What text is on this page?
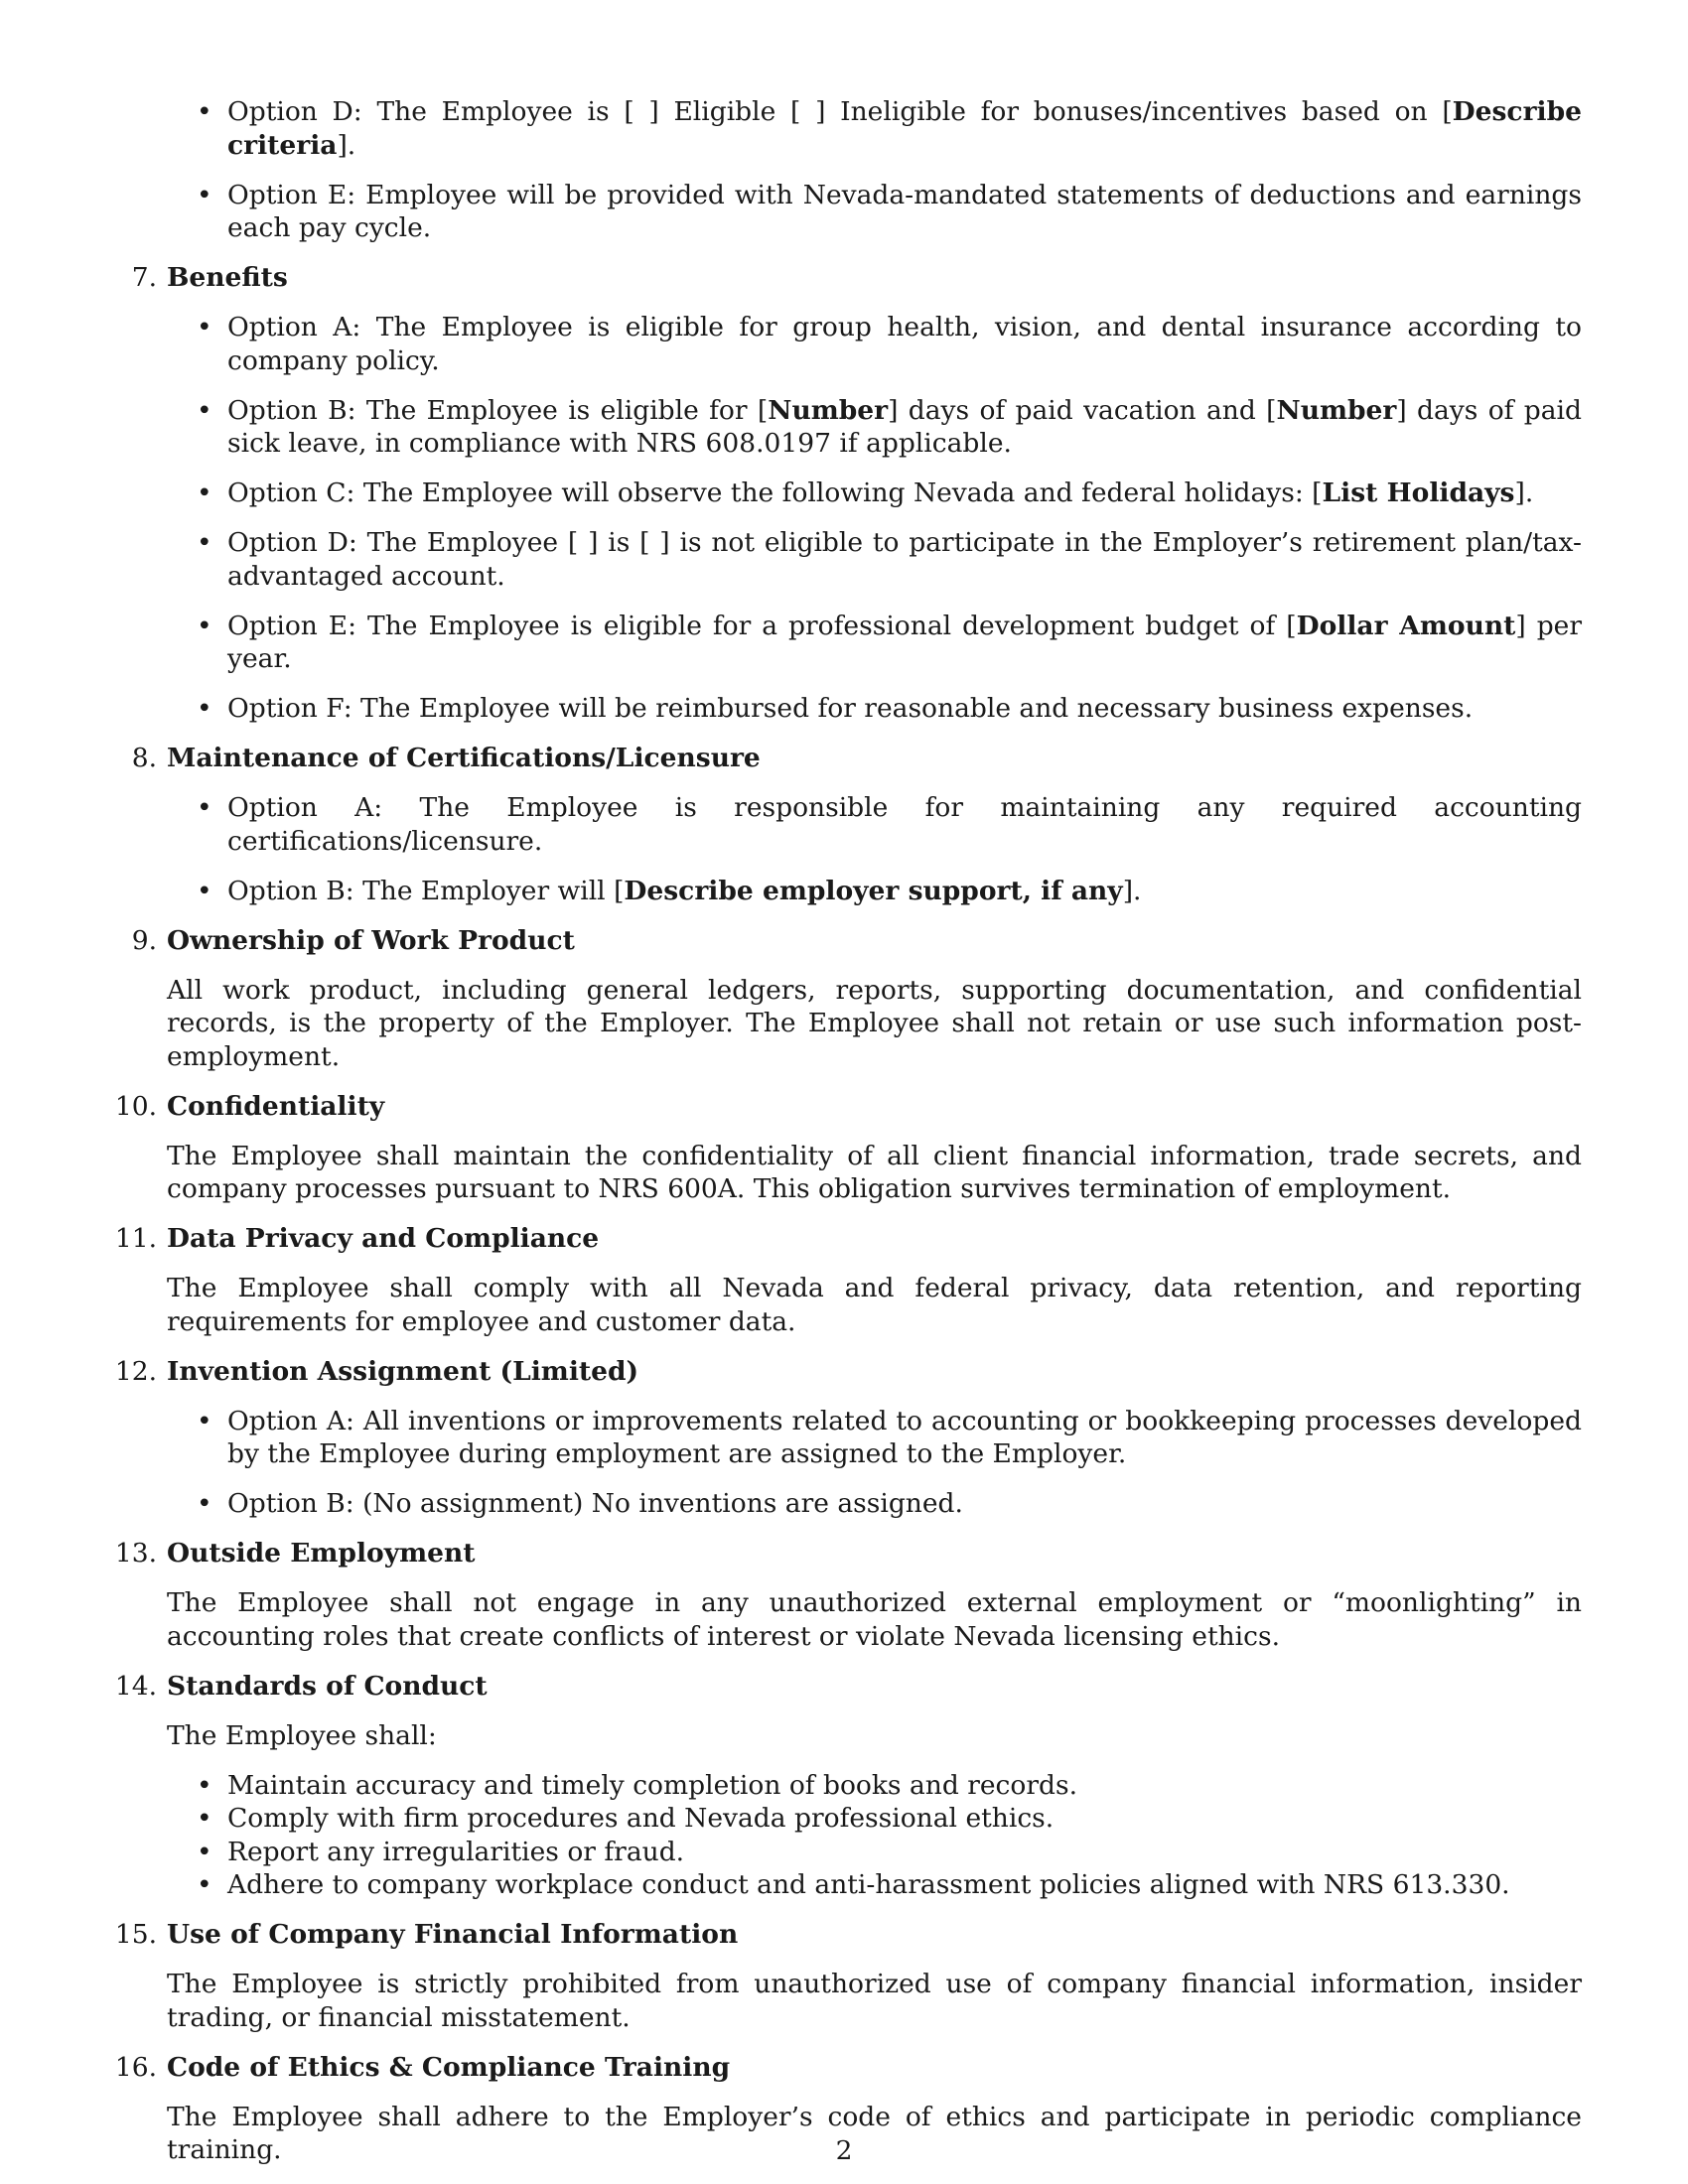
• Option D: The Employee is [ ] Eligible [ ] Ineligible for bonuses/incentives based on [Describe criteria].
• Option E: Employee will be provided with Nevada-mandated statements of deductions and earnings each pay cycle.
7. Benefits
• Option A: The Employee is eligible for group health, vision, and dental insurance according to company policy.
• Option B: The Employee is eligible for [Number] days of paid vacation and [Number] days of paid sick leave, in compliance with NRS 608.0197 if applicable.
• Option C: The Employee will observe the following Nevada and federal holidays: [List Holidays].
• Option D: The Employee [ ] is [ ] is not eligible to participate in the Employer’s retirement plan/tax-advantaged account.
• Option E: The Employee is eligible for a professional development budget of [Dollar Amount] per year.
• Option F: The Employee will be reimbursed for reasonable and necessary business expenses.
8. Maintenance of Certifications/Licensure
• Option A: The Employee is responsible for maintaining any required accounting certifications/licensure.
• Option B: The Employer will [Describe employer support, if any].
9. Ownership of Work Product
All work product, including general ledgers, reports, supporting documentation, and confidential records, is the property of the Employer. The Employee shall not retain or use such information post-employment.
10. Confidentiality
The Employee shall maintain the confidentiality of all client financial information, trade secrets, and company processes pursuant to NRS 600A. This obligation survives termination of employment.
11. Data Privacy and Compliance
The Employee shall comply with all Nevada and federal privacy, data retention, and reporting requirements for employee and customer data.
12. Invention Assignment (Limited)
• Option A: All inventions or improvements related to accounting or bookkeeping processes developed by the Employee during employment are assigned to the Employer.
• Option B: (No assignment) No inventions are assigned.
13. Outside Employment
The Employee shall not engage in any unauthorized external employment or “moonlighting” in accounting roles that create conflicts of interest or violate Nevada licensing ethics.
14. Standards of Conduct
The Employee shall:
• Maintain accuracy and timely completion of books and records.
• Comply with firm procedures and Nevada professional ethics.
• Report any irregularities or fraud.
• Adhere to company workplace conduct and anti-harassment policies aligned with NRS 613.330.
15. Use of Company Financial Information
The Employee is strictly prohibited from unauthorized use of company financial information, insider trading, or financial misstatement.
16. Code of Ethics & Compliance Training
The Employee shall adhere to the Employer’s code of ethics and participate in periodic compliance training.	2
